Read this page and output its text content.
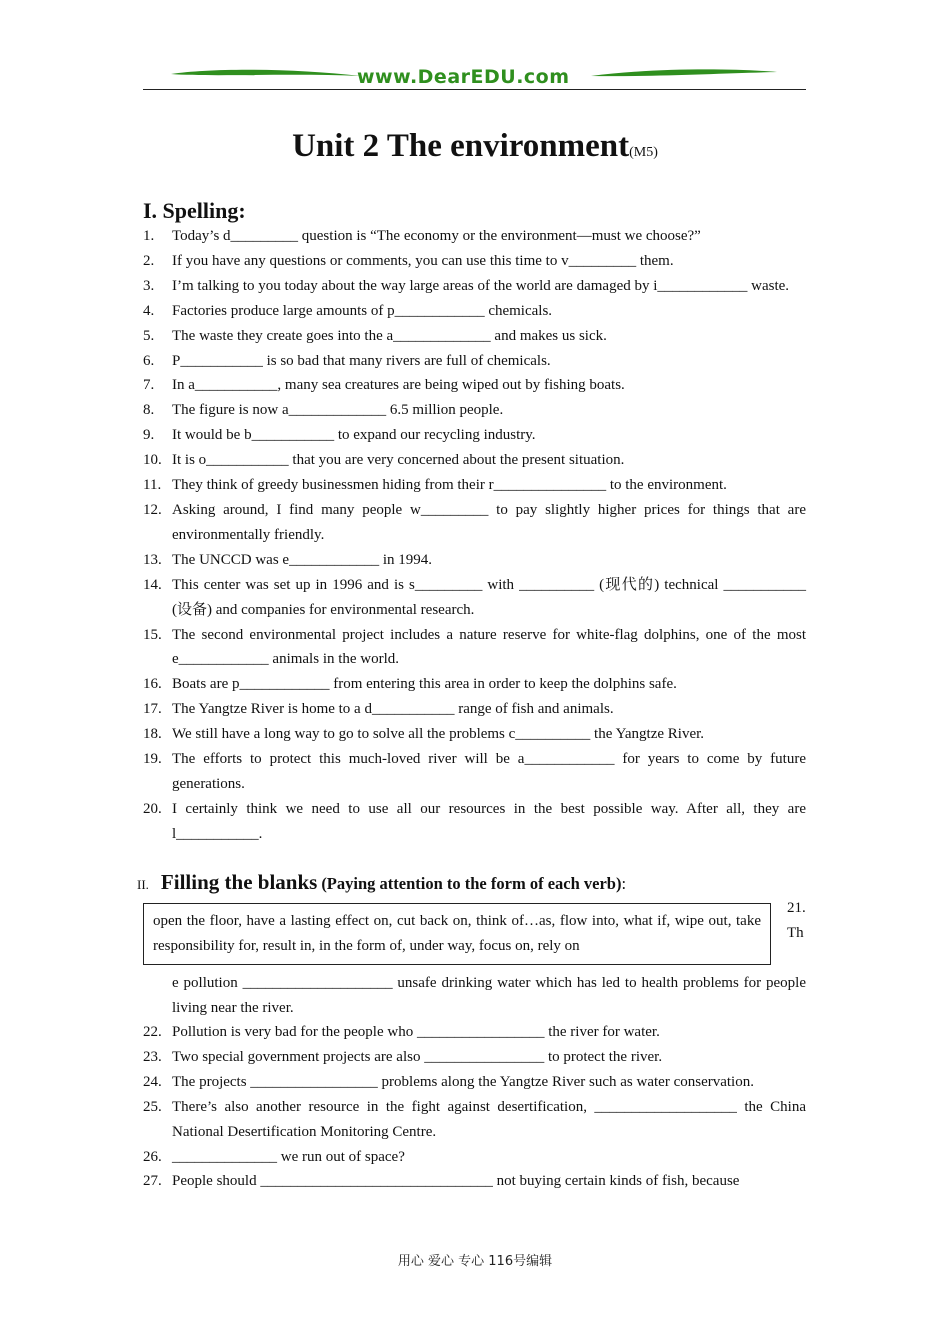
www.DearEDU.com
Unit 2 The environment(M5)
I. Spelling:
1.	Today’s d_________ question is “The economy or the environment—must we choose?”
2.	If you have any questions or comments, you can use this time to v_________ them.
3.	I’m talking to you today about the way large areas of the world are damaged by i____________ waste.
4.	Factories produce large amounts of p____________ chemicals.
5.	The waste they create goes into the a_____________ and makes us sick.
6.	P___________ is so bad that many rivers are full of chemicals.
7.	In a___________, many sea creatures are being wiped out by fishing boats.
8.	The figure is now a_____________ 6.5 million people.
9.	It would be b___________ to expand our recycling industry.
10. It is o___________ that you are very concerned about the present situation.
11. They think of greedy businessmen hiding from their r_______________ to the environment.
12. Asking around, I find many people w_________ to pay slightly higher prices for things that are environmentally friendly.
13. The UNCCD was e____________ in 1994.
14. This center was set up in 1996 and is s_________ with __________ (现代的) technical ___________ (设备) and companies for environmental research.
15. The second environmental project includes a nature reserve for white-flag dolphins, one of the most e____________ animals in the world.
16. Boats are p____________ from entering this area in order to keep the dolphins safe.
17. The Yangtze River is home to a d___________ range of fish and animals.
18. We still have a long way to go to solve all the problems c__________ the Yangtze River.
19. The efforts to protect this much-loved river will be a____________ for years to come by future generations.
20. I certainly think we need to use all our resources in the best possible way. After all, they are l___________.
II. Filling the blanks (Paying attention to the form of each verb):
open the floor, have a lasting effect on, cut back on, think of…as, flow into, what if, wipe out, take responsibility for, result in, in the form of, under way, focus on, rely on
21.
Th
e pollution ____________________ unsafe drinking water which has led to health problems for people living near the river.
22. Pollution is very bad for the people who _________________ the river for water.
23. Two special government projects are also ________________ to protect the river.
24. The projects _________________ problems along the Yangtze River such as water conservation.
25. There’s also another resource in the fight against desertification, ___________________ the China National Desertification Monitoring Centre.
26. ______________ we run out of space?
27. People should _______________________________ not buying certain kinds of fish, because
用心 爱心 专心 116号编辑
